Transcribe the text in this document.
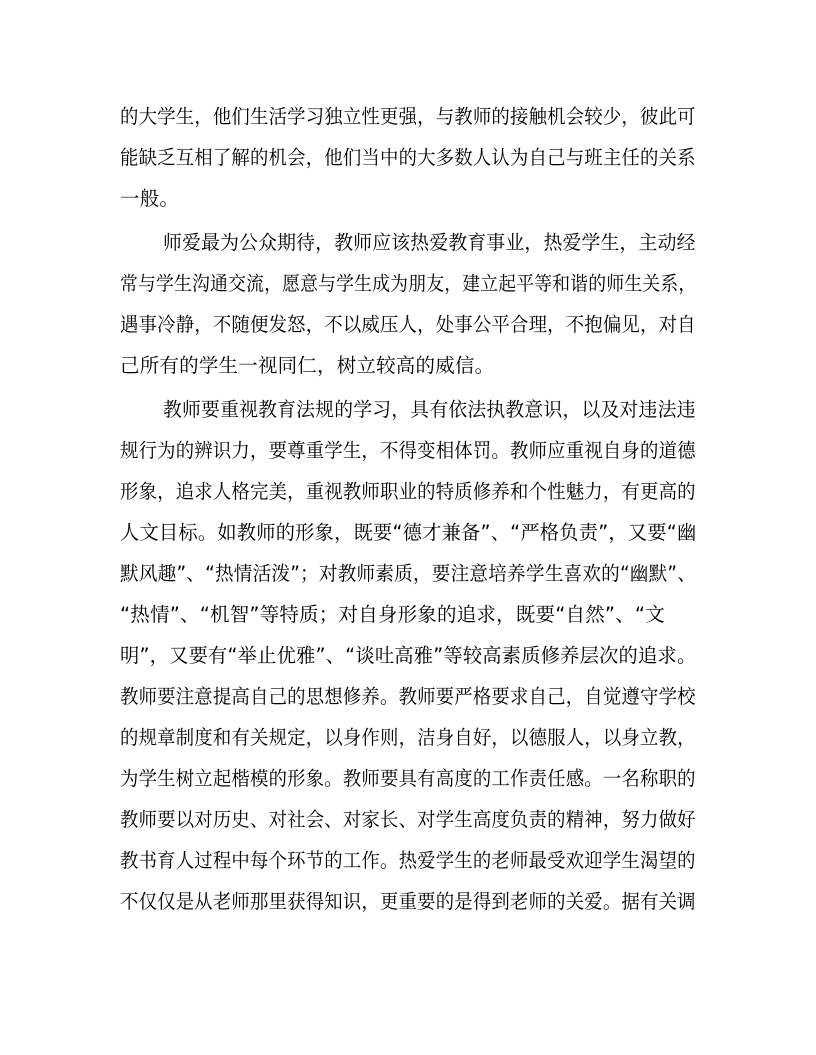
的大学生，他们生活学习独立性更强，与教师的接触机会较少，彼此可
能缺乏互相了解的机会，他们当中的大多数人认为自己与班主任的关系
一般。
师爱最为公众期待，教师应该热爱教育事业，热爱学生，主动经
常与学生沟通交流，愿意与学生成为朋友，建立起平等和谐的师生关系，
遇事冷静，不随便发怒，不以威压人，处事公平合理，不抱偏见，对自
己所有的学生一视同仁，树立较高的威信。
教师要重视教育法规的学习，具有依法执教意识，以及对违法违
规行为的辨识力，要尊重学生，不得变相体罚。教师应重视自身的道德
形象，追求人格完美，重视教师职业的特质修养和个性魅力，有更高的
人文目标。如教师的形象，既要“德才兼备”、“严格负责”，又要“幽
默风趣”、“热情活泼”；对教师素质，要注意培养学生喜欢的“幽默”、
“热情”、“机智”等特质；对自身形象的追求，既要“自然”、“文
明”，又要有“举止优雅”、“谈吐高雅”等较高素质修养层次的追求。
教师要注意提高自己的思想修养。教师要严格要求自己，自觉遵守学校
的规章制度和有关规定，以身作则，洁身自好，以德服人，以身立教，
为学生树立起楷模的形象。教师要具有高度的工作责任感。一名称职的
教师要以对历史、对社会、对家长、对学生高度负责的精神，努力做好
教书育人过程中每个环节的工作。热爱学生的老师最受欢迎学生渴望的
不仅仅是从老师那里获得知识，更重要的是得到老师的关爱。据有关调
